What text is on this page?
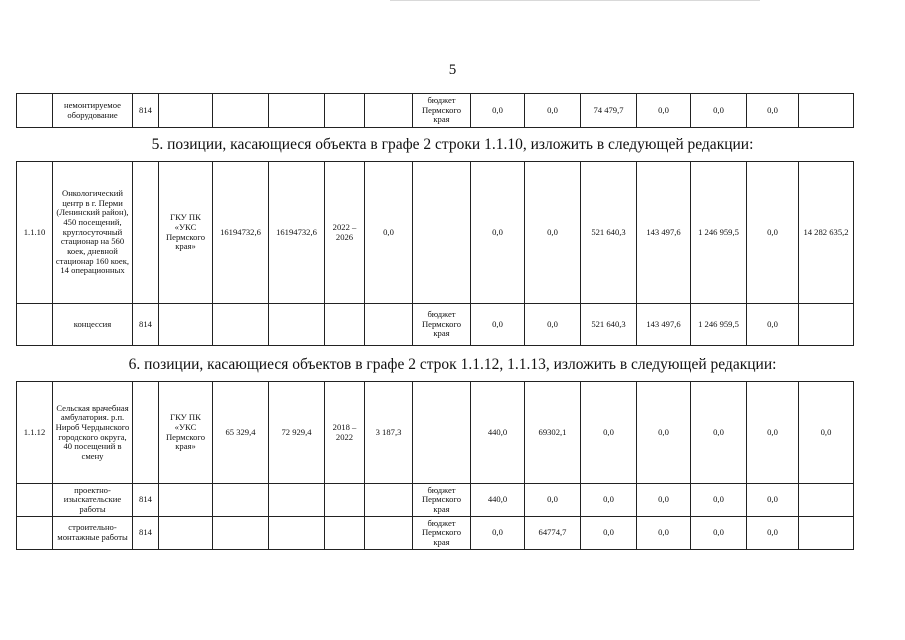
5
	немонтируемое оборудование	814						бюджет Пермского края	0,0	0,0	74 479,7	0,0	0,0	0,0	
5. позиции, касающиеся объекта в графе 2 строки 1.1.10, изложить в следующей редакции:
1.1.10	Онкологический центр в г. Перми (Ленинский район), 450 посещений, круглосуточный стационар на 560 коек, дневной стационар 160 коек, 14 операционных		ГКУ ПК «УКС Пермского края»	16194732,6	16194732,6	2022 – 2026	0,0		0,0	0,0	521 640,3	143 497,6	1 246 959,5	0,0	14 282 635,2
	концессия	814						бюджет Пермского края	0,0	0,0	521 640,3	143 497,6	1 246 959,5	0,0	
6. позиции, касающиеся объектов в графе 2 строк 1.1.12, 1.1.13, изложить в следующей редакции:
1.1.12	Сельская врачебная амбулатория. р.п. Нироб Чердынского городского округа, 40 посещений в смену		ГКУ ПК «УКС Пермского края»	65 329,4	72 929,4	2018 – 2022	3 187,3		440,0	69302,1	0,0	0,0	0,0	0,0	0,0
	проектно-изыскательские работы	814						бюджет Пермского края	440,0	0,0	0,0	0,0	0,0	0,0	
	строительно-монтажные работы	814						бюджет Пермского края	0,0	64774,7	0,0	0,0	0,0	0,0	
